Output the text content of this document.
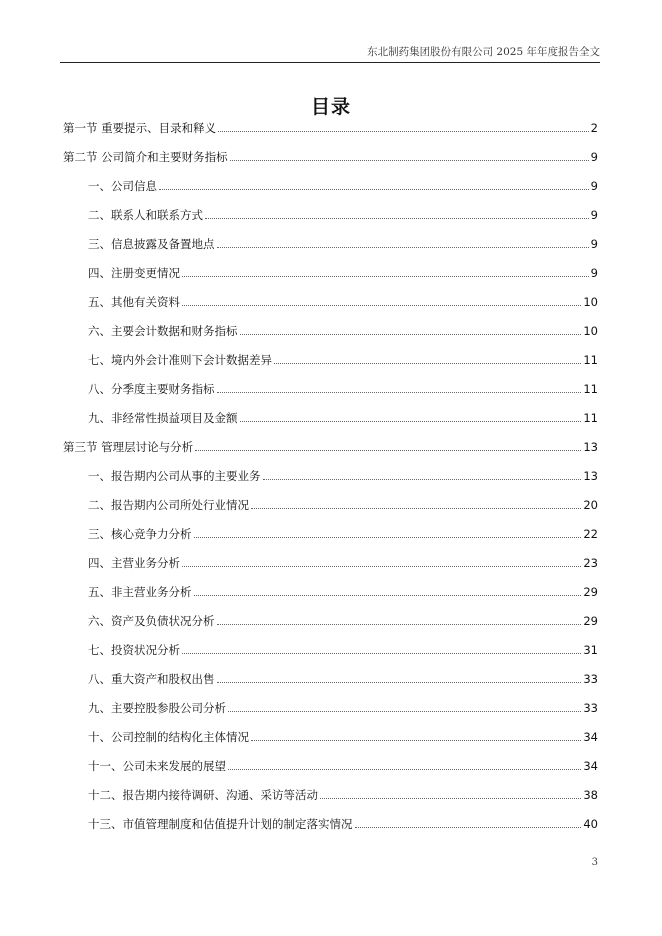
东北制药集团股份有限公司 2025 年年度报告全文
目录
第一节 重要提示、目录和释义	2
第二节 公司简介和主要财务指标	9
一、公司信息	9
二、联系人和联系方式	9
三、信息披露及备置地点	9
四、注册变更情况	9
五、其他有关资料	10
六、主要会计数据和财务指标	10
七、境内外会计准则下会计数据差异	11
八、分季度主要财务指标	11
九、非经常性损益项目及金额	11
第三节 管理层讨论与分析	13
一、报告期内公司从事的主要业务	13
二、报告期内公司所处行业情况	20
三、核心竞争力分析	22
四、主营业务分析	23
五、非主营业务分析	29
六、资产及负债状况分析	29
七、投资状况分析	31
八、重大资产和股权出售	33
九、主要控股参股公司分析	33
十、公司控制的结构化主体情况	34
十一、公司未来发展的展望	34
十二、报告期内接待调研、沟通、采访等活动	38
十三、市值管理制度和估值提升计划的制定落实情况	40
3
